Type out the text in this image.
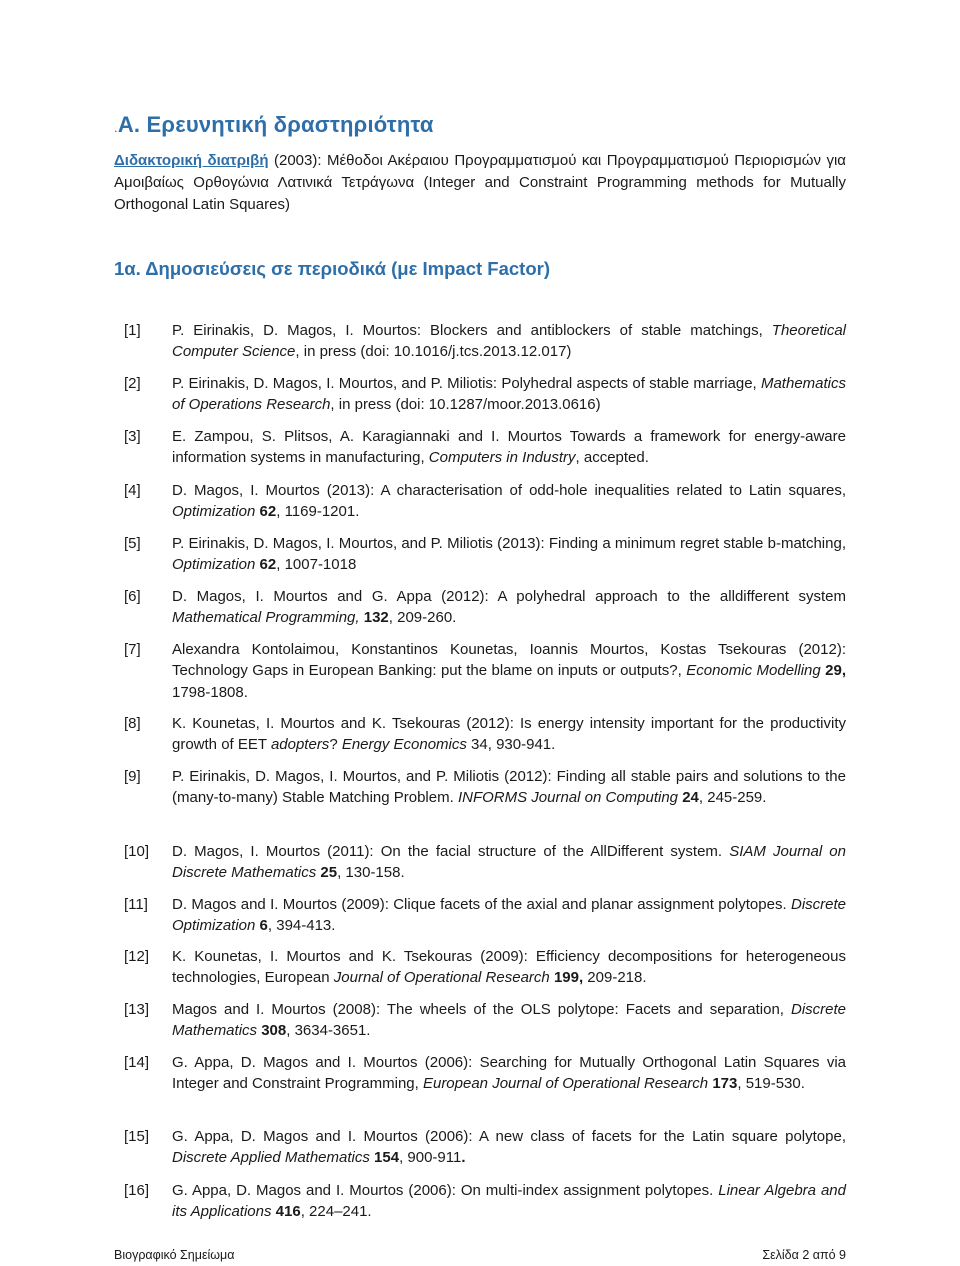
.Α. Ερευνητική δραστηριότητα

Διδακτορική διατριβή (2003): Μέθοδοι Ακέραιου Προγραμματισμού και Προγραμματισμού Περιορισμών για Αμοιβαίως Ορθογώνια Λατινικά Τετράγωνα (Integer and Constraint Programming methods for Mutually Orthogonal Latin Squares)

1α. Δημοσιεύσεις σε περιοδικά (με Impact Factor)
[1] P. Eirinakis, D. Magos, I. Mourtos: Blockers and antiblockers of stable matchings, Theoretical Computer Science, in press (doi: 10.1016/j.tcs.2013.12.017)
[2] P. Eirinakis, D. Magos, I. Mourtos, and P. Miliotis: Polyhedral aspects of stable marriage, Mathematics of Operations Research, in press (doi: 10.1287/moor.2013.0616)
[3] E. Zampou, S. Plitsos, A. Karagiannaki and I. Mourtos Towards a framework for energy-aware information systems in manufacturing, Computers in Industry, accepted.
[4] D. Magos, I. Mourtos (2013): A characterisation of odd-hole inequalities related to Latin squares, Optimization 62, 1169-1201.
[5] P. Eirinakis, D. Magos, I. Mourtos, and P. Miliotis (2013): Finding a minimum regret stable b-matching, Optimization 62, 1007-1018
[6] D. Magos, I. Mourtos and G. Appa (2012): A polyhedral approach to the alldifferent system Mathematical Programming, 132, 209-260.
[7] Alexandra Kontolaimou, Konstantinos Kounetas, Ioannis Mourtos, Kostas Tsekouras (2012): Technology Gaps in European Banking: put the blame on inputs or outputs?, Economic Modelling 29, 1798-1808.
[8] K. Kounetas, I. Mourtos and K. Tsekouras (2012): Is energy intensity important for the productivity growth of EET adopters? Energy Economics 34, 930-941.
[9] P. Eirinakis, D. Magos, I. Mourtos, and P. Miliotis (2012): Finding all stable pairs and solutions to the (many-to-many) Stable Matching Problem. INFORMS Journal on Computing 24, 245-259.
[10] D. Magos, I. Mourtos (2011): On the facial structure of the AllDifferent system. SIAM Journal on Discrete Mathematics 25, 130-158.
[11] D. Magos and I. Mourtos (2009): Clique facets of the axial and planar assignment polytopes. Discrete Optimization 6, 394-413.
[12] K. Kounetas, I. Mourtos and K. Tsekouras (2009): Efficiency decompositions for heterogeneous technologies, European Journal of Operational Research 199, 209-218.
[13] Magos and I. Mourtos (2008): The wheels of the OLS polytope: Facets and separation, Discrete Mathematics 308, 3634-3651.
[14] G. Appa, D. Magos and I. Mourtos (2006): Searching for Mutually Orthogonal Latin Squares via Integer and Constraint Programming, European Journal of Operational Research 173, 519-530.
[15] G. Appa, D. Magos and I. Mourtos (2006): A new class of facets for the Latin square polytope, Discrete Applied Mathematics 154, 900-911.
[16] G. Appa, D. Magos and I. Mourtos (2006): On multi-index assignment polytopes. Linear Algebra and its Applications 416, 224–241.
Βιογραφικό Σημείωμα	Σελίδα 2 από 9
